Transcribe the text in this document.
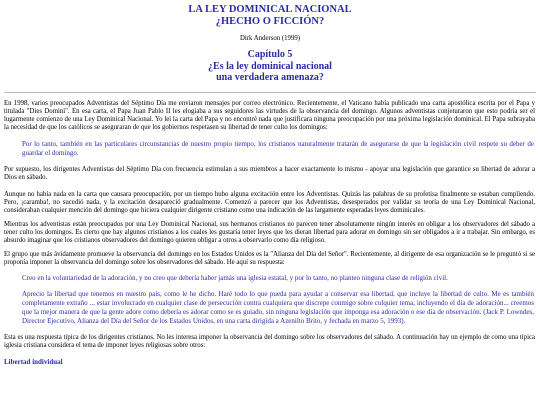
LA LEY DOMINICAL NACIONAL

¿HECHO O FICCIÓN?

Dirk Anderson (1999)

Capítulo 5

¿Es la ley dominical nacional

una verdadera amenaza?

En 1998, varios preocupados Adventistas del Séptimo Día me enviaron mensajes por correo electrónico. Recientemente, el Vaticano había publicado una carta apostólica escrita por el Papa y titulada "Dies Domini". En esa carta, el Papa Juan Pablo II les elogiaba a sus seguidores las virtudes de la observancia del domingo. Algunos adventistas conjeturaron que esto podría ser el lugarmente comienzo de una Ley Dominical Nacional. Yo leí la carta del Papa y no encontré nada que justificara ninguna preocupación por una próxima legislación dominical. El Papa subrayaba la necesidad de que los católicos se aseguraran de que los gobiernos respetasen su libertad de tener culto los domingos:

Por lo tanto, también en las particulares circunstancias de nuestro propio tiempo, los cristianos naturalmente tratarán de asegurarse de que la legislación civil respete su deber de guardar el domingo.

Por supuesto, los dirigentes Adventistas del Séptimo Día con frecuencia estimulan a sus miembros a hacer exactamente lo mismo - apoyar una legislación que garantice su libertad de adorar a Dios en sábado.

Aunque no había nada en la carta que causara preocupación, por un tiempo hubo alguna excitación entre los Adventistas. Quizás las palabras de su profetisa finalmente se estaban cumpliendo. Pero, ¡caramba!, no sucedió nada, y la excitación desapareció gradualmente. Comenzó a parecer que los Adventistas, desesperados por validar su teoría de una Ley Dominical Nacional, consideraban cualquier mención del domingo que hiciera cualquier dirigente cristiano como una indicación de las largamente esperadas leyes dominicales.

Mientras los adventistas están preocupados por una Ley Dominical Nacional, sus hermanos cristianos no parecen tener absolutamente ningún interés en obligar a los observadores del sábado a tener culto los domingos. Es cierto que hay algunos cristianos a los cuales les gustaría tener leyes que les dieran libertad para adorar en domingo sin ser obligados a ir a trabajar. Sin embargo, es absurdo imaginar que los cristianos observadores del domingo quieren obligar a otros a observarlo como día religioso.

El grupo que más ávidamente promueve la observancia del domingo en los Estados Unidos es la "Alianza del Día del Señor". Recientemente, al dirigente de esa organización se le preguntó si se proponía imponer la observancia del domingo sobre los observadores del sábado. He aquí su respuesta:

Creo en la voluntariedad de la adoración, y no creo que debería haber jamás una iglesia estatal, y por lo tanto, no planteo ninguna clase de religión civil.

Aprecio la libertad que tenemos en nuestro país, como le he dicho. Haré todo lo que pueda para ayudar a conservar esa libertad, que incluye la libertad de culto. Me es también completamente extraño ... estar involucrado en cualquier clase de persecución contra cualquiera que discrepe conmigo sobre culquier tema, incluyendo el día de adoración... creemos que la mejor manera de que la gente adore como debería es adorar como se es guiado, sin ninguna legislación que imponga esa adoración o ese día de observación. (Jack P. Lowndes, Director Ejecutivo, Alianza del Día del Señor de los Estados Unidos, en una carta dirigida a Azenilto Brito, y fechada en marzo 5, 1993).

Esta es una respuesta típica de los dirigentes cristianos. No les interesa imponer la observancia del domingo sobre los observadores del sábado. A continuación hay un ejemplo de como una típica iglesia cristiana considera el tema de imponer leyes religiosas sobre otros:

Libertad individual
